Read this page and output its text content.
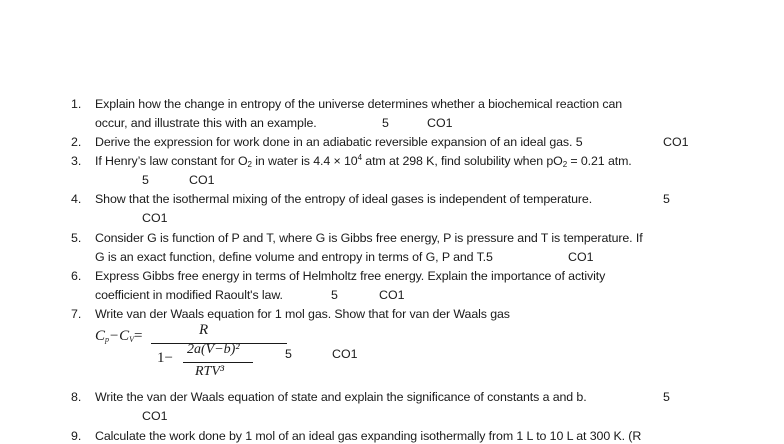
1. Explain how the change in entropy of the universe determines whether a biochemical reaction can
occur, and illustrate this with an example.	5	CO1
2. Derive the expression for work done in an adiabatic reversible expansion of an ideal gas. 5	CO1
3. If Henry’s law constant for $O_2$ in water is $4.4 \times 10^4$ atm at 298 K, find solubility when $pO_2 = 0.21$ atm.
5	CO1
4. Show that the isothermal mixing of the entropy of ideal gases is independent of temperature.	5
CO1
5. Consider G is function of P and T, where G is Gibbs free energy, P is pressure and T is temperature. If
G is an exact function, define volume and entropy in terms of G, P and T.5	CO1
6. Express Gibbs free energy in terms of Helmholtz free energy. Explain the importance of activity
coefficient in modified Raoult's law.	5	CO1
7. Write van der Waals equation for 1 mol gas. Show that for van der Waals gas
$C_p-C_V=$	R
1−
2a(V−b)²
RTV³
5	CO1
8. Write the van der Waals equation of state and explain the significance of constants a and b.	5
CO1
9. Calculate the work done by 1 mol of an ideal gas expanding isothermally from 1 L to 10 L at 300 K. (R
